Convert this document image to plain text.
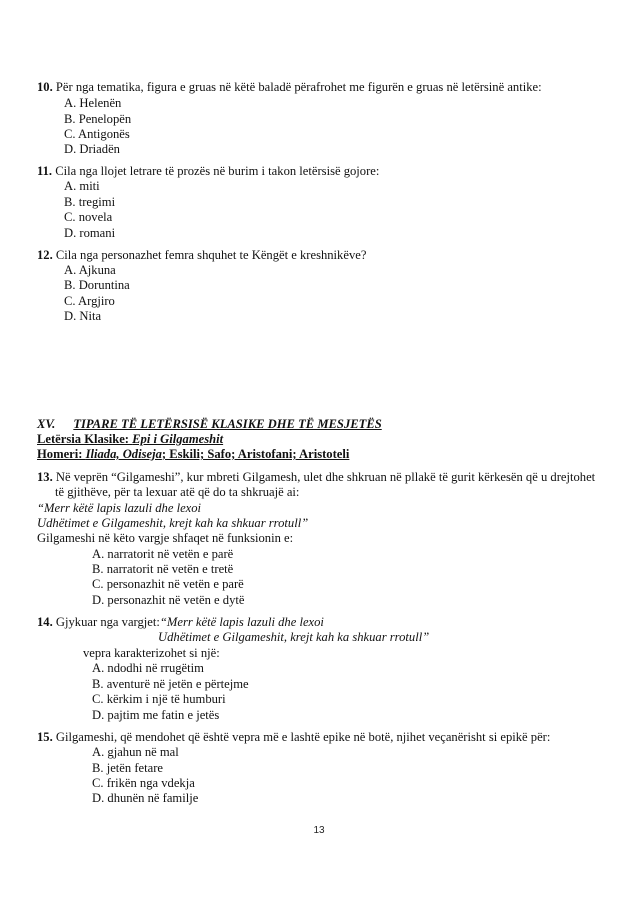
10. Për nga tematika, figura e gruas në këtë baladë përafrohet me figurën e gruas në letërsinë antike:
A. Helenën
B. Penelopën
C. Antigonës
D. Driadën
11. Cila nga llojet letrare të prozës në burim i takon letërsisë gojore:
A. miti
B. tregimi
C. novela
D. romani
12. Cila nga personazhet femra shquhet te Këngët e kreshnikëve?
A. Ajkuna
B. Doruntina
C. Argjiro
D. Nita
XV. TIPARE TË LETËRSISË KLASIKE DHE TË MESJETËS
Letërsia Klasike: Epi i Gilgameshit
Homeri: Iliada, Odiseja; Eskili; Safo; Aristofani; Aristoteli
13. Në veprën “Gilgameshi”, kur mbreti Gilgamesh, ulet dhe shkruan në pllakë të gurit kërkesën që u drejtohet
të gjithëve, për ta lexuar atë që do ta shkruajë ai:
“Merr këtë lapis lazuli dhe lexoi
Udhëtimet e Gilgameshit, krejt kah ka shkuar rrotull”
Gilgameshi në këto vargje shfaqet në funksionin e:
A. narratorit në vetën e parë
B. narratorit në vetën e tretë
C. personazhit në vetën e parë
D. personazhit në vetën e dytë
14. Gjykuar nga vargjet:“Merr këtë lapis lazuli dhe lexoi
Udhëtimet e Gilgameshit, krejt kah ka shkuar rrotull”
vepra karakterizohet si një:
A. ndodhi në rrugëtim
B. aventurë në jetën e përtejme
C. kërkim i një të humburi
D. pajtim me fatin e jetës
15. Gilgameshi, që mendohet që është vepra më e lashtë epike në botë, njihet veçanërisht si epikë për:
A. gjahun në mal
B. jetën fetare
C. frikën nga vdekja
D. dhunën në familje
13
